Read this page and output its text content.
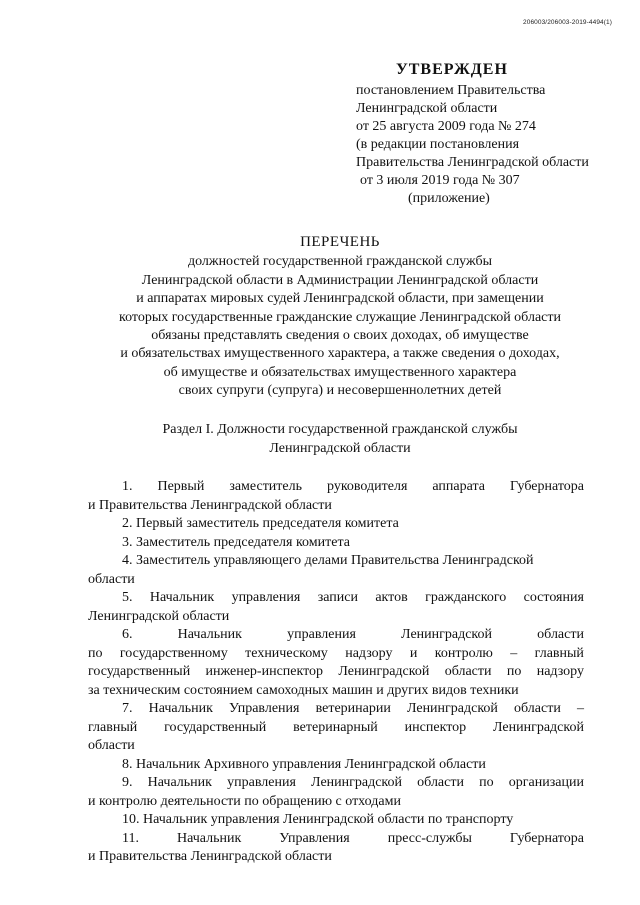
206003/206003-2019-4494(1)
УТВЕРЖДЕН
постановлением Правительства
Ленинградской области
от 25 августа 2009 года № 274
(в редакции постановления
Правительства Ленинградской области
от 3 июля 2019 года № 307
(приложение)
ПЕРЕЧЕНЬ
должностей государственной гражданской службы
Ленинградской области в Администрации Ленинградской области
и аппаратах мировых судей Ленинградской области, при замещении
которых государственные гражданские служащие Ленинградской области
обязаны представлять сведения о своих доходах, об имуществе
и обязательствах имущественного характера, а также сведения о доходах,
об имуществе и обязательствах имущественного характера
своих супруги (супруга) и несовершеннолетних детей
Раздел I. Должности государственной гражданской службы
Ленинградской области
1. Первый заместитель руководителя аппарата Губернатора
и Правительства Ленинградской области
2. Первый заместитель председателя комитета
3. Заместитель председателя комитета
4. Заместитель управляющего делами Правительства Ленинградской
области
5. Начальник управления записи актов гражданского состояния
Ленинградской области
6.	Начальник	управления	Ленинградской	области
по государственному техническому надзору и контролю – главный
государственный инженер-инспектор Ленинградской области по надзору
за техническим состоянием самоходных машин и других видов техники
7. Начальник Управления ветеринарии Ленинградской области –
главный государственный ветеринарный инспектор Ленинградской
области
8. Начальник Архивного управления Ленинградской области
9. Начальник управления Ленинградской области по организации
и контролю деятельности по обращению с отходами
10. Начальник управления Ленинградской области по транспорту
11.	Начальник	Управления	пресс-службы	Губернатора
и Правительства Ленинградской области
